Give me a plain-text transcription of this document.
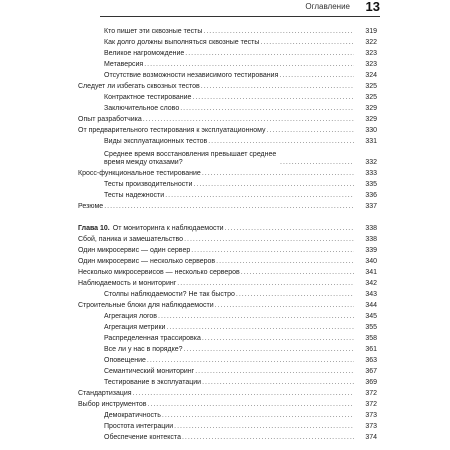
Оглавление 13
Кто пишет эти сквозные тесты .....	319
Как долго должны выполняться сквозные тесты .....	322
Великое нагромождение .....	323
Метаверсия .....	323
Отсутствие возможности независимого тестирования .....	324
Следует ли избегать сквозных тестов .....	325
Контрактное тестирование .....	325
Заключительное слово .....	329
Опыт разработчика .....	329
От предварительного тестирования к эксплуатационному .....	330
Виды эксплуатационных тестов .....	331
Среднее время восстановления превышает среднее время между отказами? .....	332
Кросс-функциональное тестирование .....	333
Тесты производительности .....	335
Тесты надежности .....	336
Резюме .....	337
Глава 10. От мониторинга к наблюдаемости .....	338
Сбой, паника и замешательство .....	338
Один микросервис — один сервер .....	339
Один микросервис — несколько серверов .....	340
Несколько микросервисов — несколько серверов .....	341
Наблюдаемость и мониторинг .....	342
Столпы наблюдаемости? Не так быстро .....	343
Строительные блоки для наблюдаемости .....	344
Агрегация логов .....	345
Агрегация метрики .....	355
Распределенная трассировка .....	358
Все ли у нас в порядке? .....	361
Оповещение .....	363
Семантический мониторинг .....	367
Тестирование в эксплуатации .....	369
Стандартизация .....	372
Выбор инструментов .....	372
Демократичность .....	373
Простота интеграции .....	373
Обеспечение контекста .....	374
